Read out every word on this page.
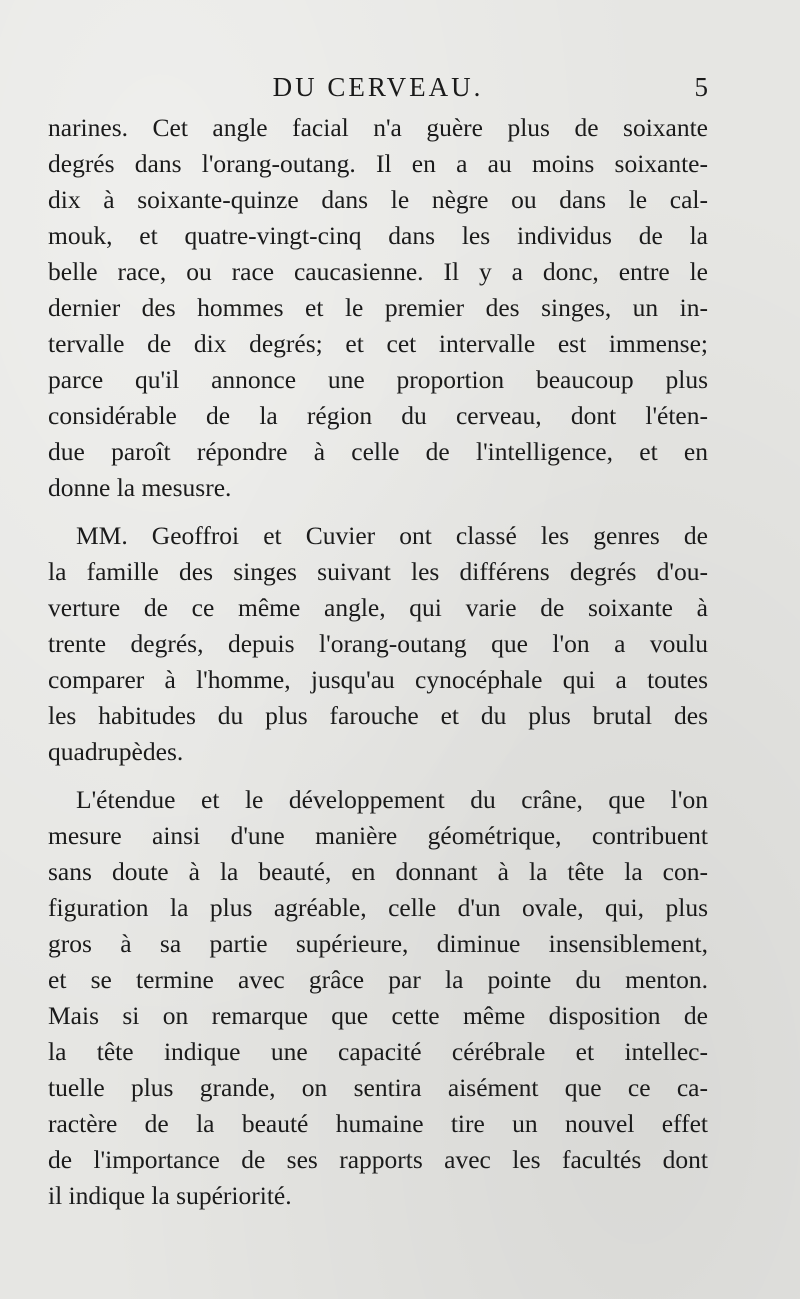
DU CERVEAU.	5

narines. Cet angle facial n'a guère plus de soixante
degrés dans l'orang-outang. Il en a au moins soixante-
dix à soixante-quinze dans le nègre ou dans le cal-
mouk, et quatre-vingt-cinq dans les individus de la
belle race, ou race caucasienne. Il y a donc, entre le
dernier des hommes et le premier des singes, un in-
tervalle de dix degrés; et cet intervalle est immense;
parce qu'il annonce une proportion beaucoup plus
considérable de la région du cerveau, dont l'éten-
due paroît répondre à celle de l'intelligence, et en
donne la mesusre.

MM. Geoffroi et Cuvier ont classé les genres de
la famille des singes suivant les différens degrés d'ou-
verture de ce même angle, qui varie de soixante à
trente degrés, depuis l'orang-outang que l'on a voulu
comparer à l'homme, jusqu'au cynocéphale qui a toutes
les habitudes du plus farouche et du plus brutal des
quadrupèdes.

L'étendue et le développement du crâne, que l'on
mesure ainsi d'une manière géométrique, contribuent
sans doute à la beauté, en donnant à la tête la con-
figuration la plus agréable, celle d'un ovale, qui, plus
gros à sa partie supérieure, diminue insensiblement,
et se termine avec grâce par la pointe du menton.
Mais si on remarque que cette même disposition de
la tête indique une capacité cérébrale et intellec-
tuelle plus grande, on sentira aisément que ce ca-
ractère de la beauté humaine tire un nouvel effet
de l'importance de ses rapports avec les facultés dont
il indique la supériorité.
